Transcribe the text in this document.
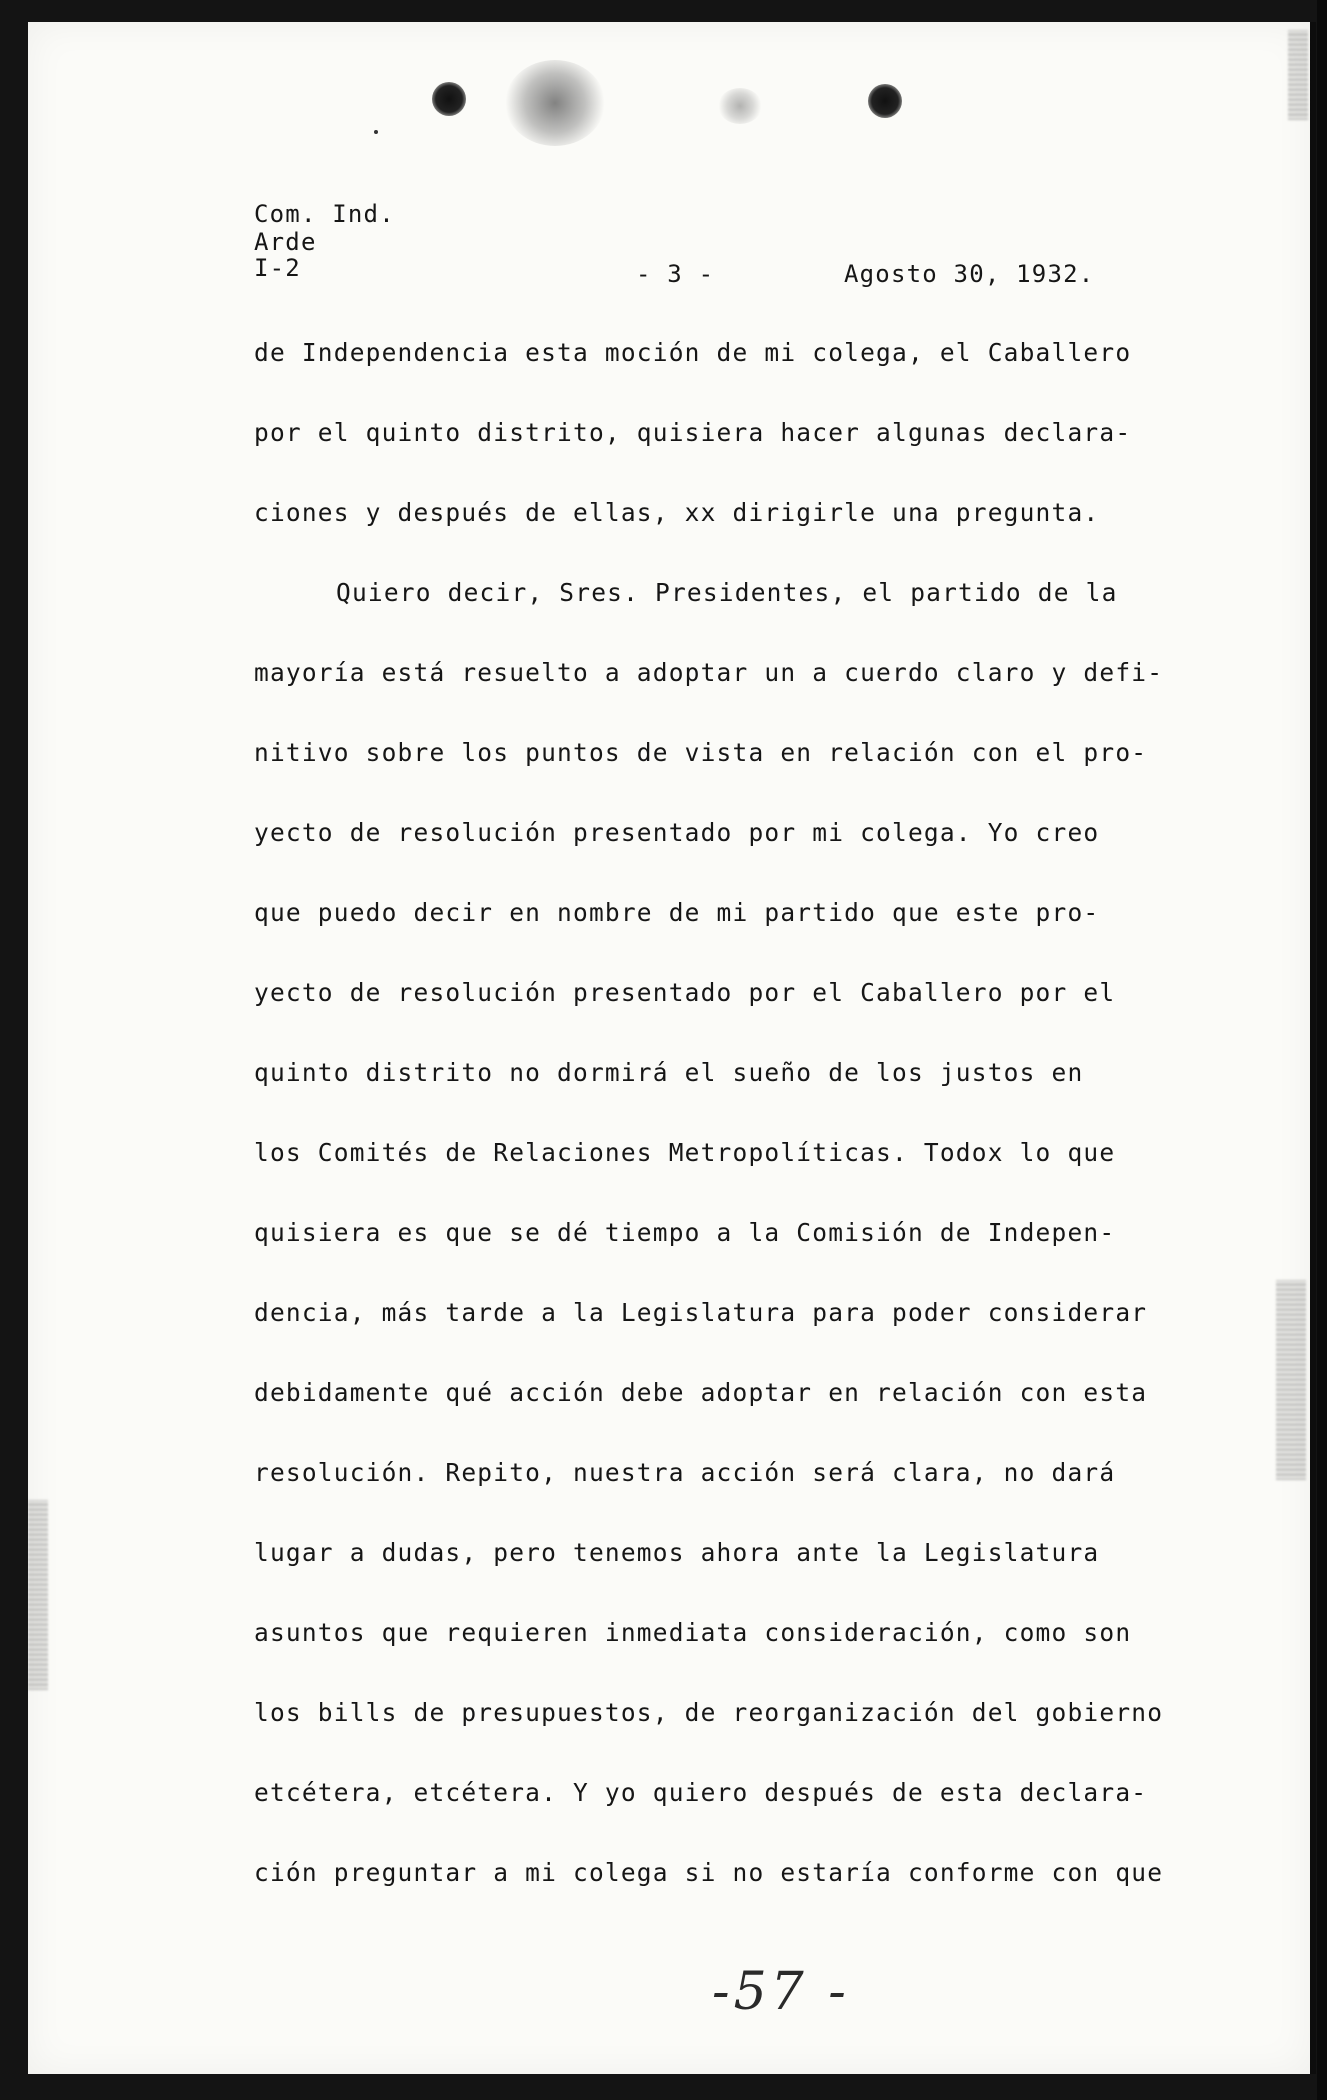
Com. Ind.
Arde
I-2	- 3 -	Agosto 30, 1932.
de Independencia esta moción de mi colega, el Caballero
por el quinto distrito, quisiera hacer algunas declara-
ciones y después de ellas, xx dirigirle una pregunta.
Quiero decir, Sres. Presidentes, el partido de la
mayoría está resuelto a adoptar un a cuerdo claro y defi-
nitivo sobre los puntos de vista en relación con el pro-
yecto de resolución presentado por mi colega. Yo creo
que puedo decir en nombre de mi partido que este pro-
yecto de resolución presentado por el Caballero por el
quinto distrito no dormirá el sueño de los justos en
los Comités de Relaciones Metropolíticas. Todox lo que
quisiera es que se dé tiempo a la Comisión de Indepen-
dencia, más tarde a la Legislatura para poder considerar
debidamente qué acción debe adoptar en relación con esta
resolución. Repito, nuestra acción será clara, no dará
lugar a dudas, pero tenemos ahora ante la Legislatura
asuntos que requieren inmediata consideración, como son
los bills de presupuestos, de reorganización del gobierno
etcétera, etcétera. Y yo quiero después de esta declara-
ción preguntar a mi colega si no estaría conforme con que
-57 -
